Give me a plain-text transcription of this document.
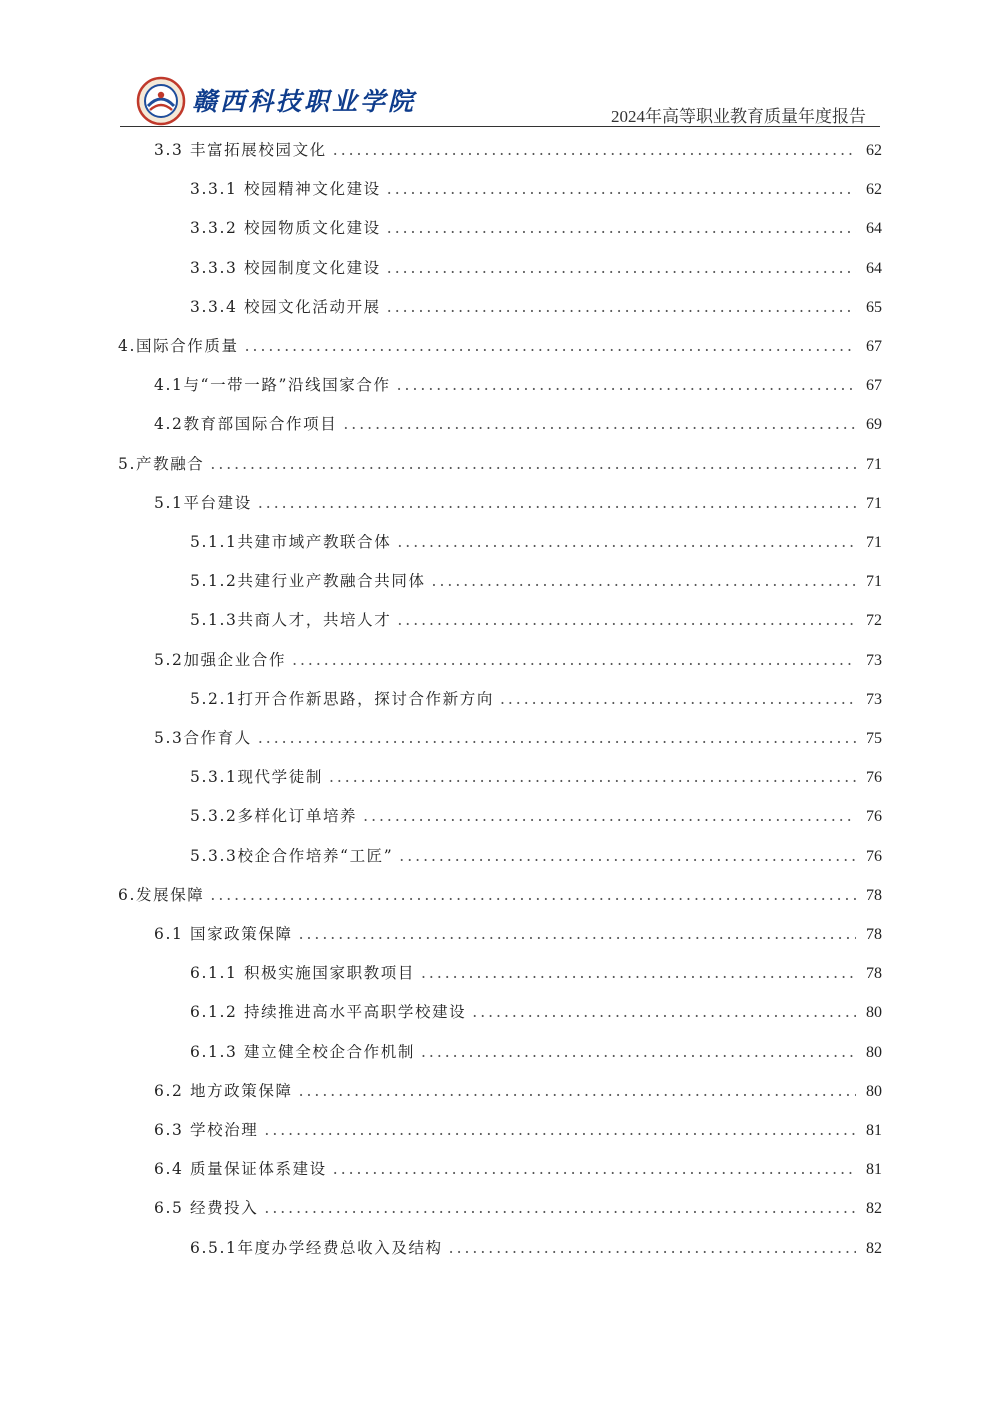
赣西科技职业学院
2024年高等职业教育质量年度报告
3.3 丰富拓展校园文化 .....	62
3.3.1 校园精神文化建设 .....	62
3.3.2 校园物质文化建设 .....	64
3.3.3 校园制度文化建设 .....	64
3.3.4 校园文化活动开展 .....	65
4.国际合作质量 .....	67
4.1与“一带一路”沿线国家合作 .....	67
4.2教育部国际合作项目 .....	69
5.产教融合 .....	71
5.1平台建设 .....	71
5.1.1共建市域产教联合体 .....	71
5.1.2共建行业产教融合共同体 .....	71
5.1.3共商人才，共培人才 .....	72
5.2加强企业合作 .....	73
5.2.1打开合作新思路，探讨合作新方向 .....	73
5.3合作育人 .....	75
5.3.1现代学徒制 .....	76
5.3.2多样化订单培养 .....	76
5.3.3校企合作培养“工匠” .....	76
6.发展保障 .....	78
6.1 国家政策保障 .....	78
6.1.1 积极实施国家职教项目 .....	78
6.1.2 持续推进高水平高职学校建设 .....	80
6.1.3 建立健全校企合作机制 .....	80
6.2 地方政策保障 .....	80
6.3 学校治理 .....	81
6.4 质量保证体系建设 .....	81
6.5 经费投入 .....	82
6.5.1年度办学经费总收入及结构 .....	82
